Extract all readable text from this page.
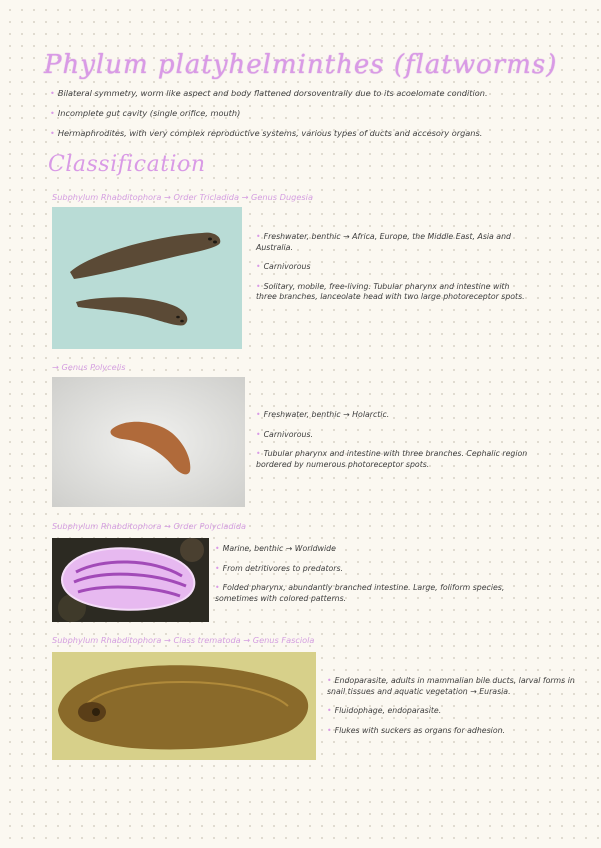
Phylum platyhelminthes (flatworms)
• Bilateral symmetry, worm like aspect and body flattened dorsoventrally due to its acoelomate condition.
• Incomplete gut cavity (single orifice, mouth)
• Hermaphrodites, with very complex reproductive systems, various types of ducts and accesory organs.
Classification
Subphylum Rhabditophora → Order Tricladida → Genus Dugesia
• Freshwater, benthic → Africa, Europe, the Middle East, Asia and Australia.
• Carnivorous
• Solitary, mobile, free-living. Tubular pharynx and intestine with three branches, lanceolate head with two large photoreceptor spots.
→ Genus Polycelis
• Freshwater, benthic → Holarctic.
• Carnivorous.
• Tubular pharynx and intestine with three branches. Cephalic region bordered by numerous photoreceptor spots.
Subphylum Rhabditophora → Order Polycladida
• Marine, benthic → Worldwide
• From detritivores to predators.
• Folded pharynx, abundantly branched intestine. Large, foliform species, sometimes with colored patterns.
Subphylum Rhabditophora → Class trematoda → Genus Fasciola
• Endoparasite, adults in mammalian bile ducts, larval forms in snail tissues and aquatic vegetation → Eurasia.
• Fluidophage, endoparasite.
• Flukes with suckers as organs for adhesion.
